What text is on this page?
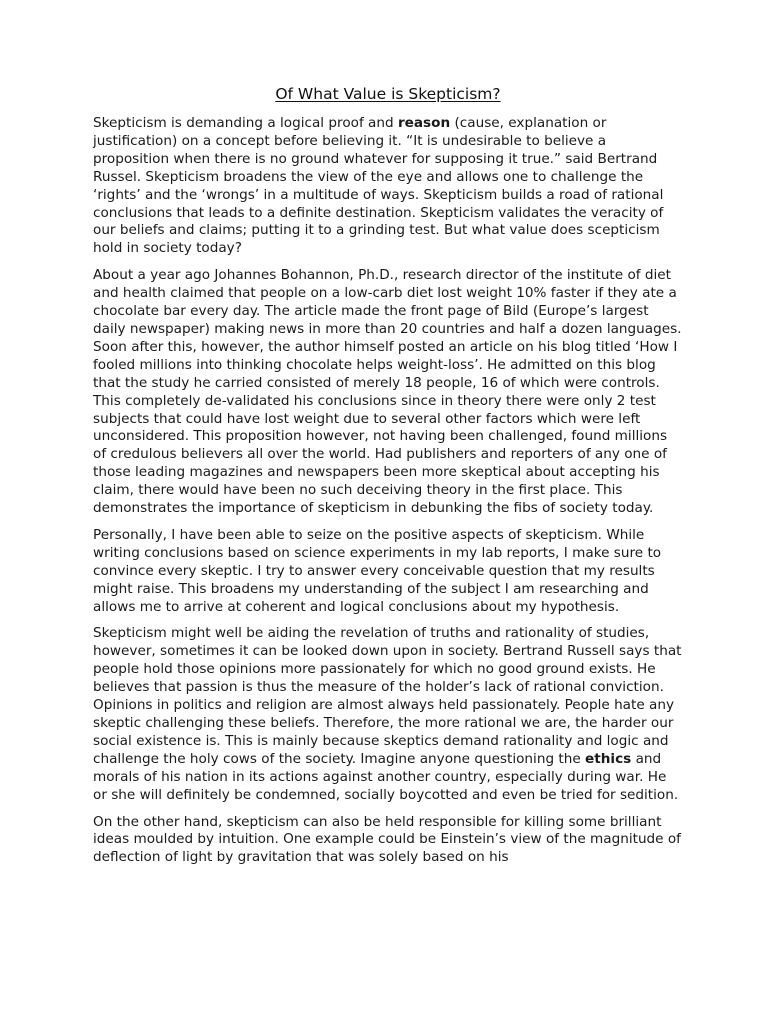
Of What Value is Skepticism?

Skepticism is demanding a logical proof and reason (cause, explanation or justification) on a concept before believing it. “It is undesirable to believe a proposition when there is no ground whatever for supposing it true.” said Bertrand Russel. Skepticism broadens the view of the eye and allows one to challenge the ‘rights’ and the ‘wrongs’ in a multitude of ways. Skepticism builds a road of rational conclusions that leads to a definite destination. Skepticism validates the veracity of our beliefs and claims; putting it to a grinding test. But what value does scepticism hold in society today?

About a year ago Johannes Bohannon, Ph.D., research director of the institute of diet and health claimed that people on a low-carb diet lost weight 10% faster if they ate a chocolate bar every day. The article made the front page of Bild (Europe’s largest daily newspaper) making news in more than 20 countries and half a dozen languages. Soon after this, however, the author himself posted an article on his blog titled ‘How I fooled millions into thinking chocolate helps weight-loss’. He admitted on this blog that the study he carried consisted of merely 18 people, 16 of which were controls. This completely de-validated his conclusions since in theory there were only 2 test subjects that could have lost weight due to several other factors which were left unconsidered. This proposition however, not having been challenged, found millions of credulous believers all over the world. Had publishers and reporters of any one of those leading magazines and newspapers been more skeptical about accepting his claim, there would have been no such deceiving theory in the first place. This demonstrates the importance of skepticism in debunking the fibs of society today.

Personally, I have been able to seize on the positive aspects of skepticism. While writing conclusions based on science experiments in my lab reports, I make sure to convince every skeptic. I try to answer every conceivable question that my results might raise. This broadens my understanding of the subject I am researching and allows me to arrive at coherent and logical conclusions about my hypothesis.

Skepticism might well be aiding the revelation of truths and rationality of studies, however, sometimes it can be looked down upon in society. Bertrand Russell says that people hold those opinions more passionately for which no good ground exists. He believes that passion is thus the measure of the holder’s lack of rational conviction. Opinions in politics and religion are almost always held passionately. People hate any skeptic challenging these beliefs. Therefore, the more rational we are, the harder our social existence is. This is mainly because skeptics demand rationality and logic and challenge the holy cows of the society. Imagine anyone questioning the ethics and morals of his nation in its actions against another country, especially during war. He or she will definitely be condemned, socially boycotted and even be tried for sedition.

On the other hand, skepticism can also be held responsible for killing some brilliant ideas moulded by intuition. One example could be Einstein’s view of the magnitude of deflection of light by gravitation that was solely based on his
